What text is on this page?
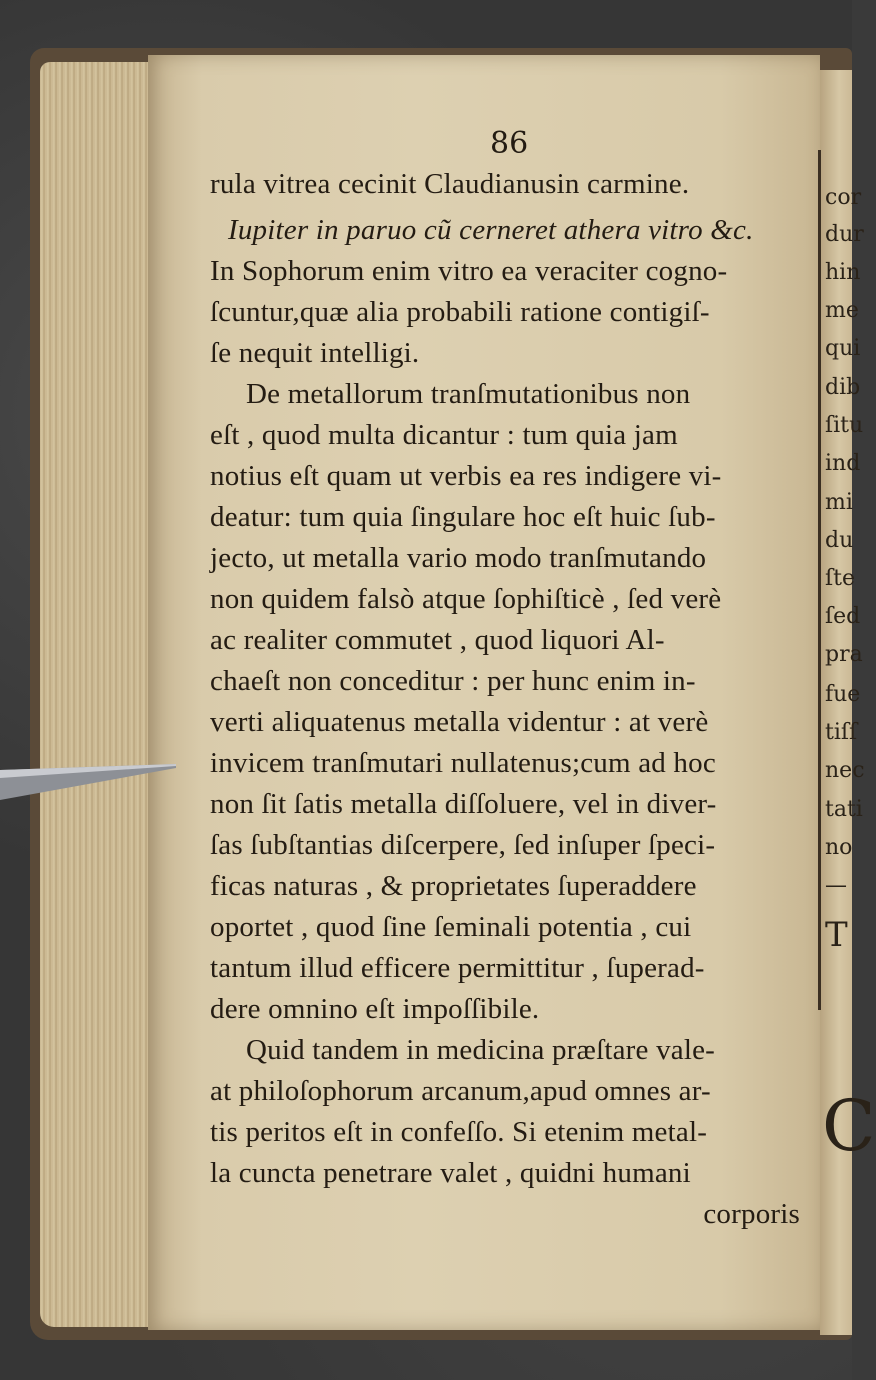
cor
dur
hin
me
qui
dib
ſitu
ind
mi
du
ſte
ſed
pra
fue
tiſſ
nec
tati
no
—
T
C
86
rula vitrea cecinit Claudianusin carmine.
Iupiter in paruo cũ cerneret athera vitro &c.
In Sophorum enim vitro ea veraciter cogno-
ſcuntur,quæ alia probabili ratione contigiſ-
ſe nequit intelligi.
De metallorum tranſmutationibus non
eſt , quod multa dicantur : tum quia jam
notius eſt quam ut verbis ea res indigere vi-
deatur: tum quia ſingulare hoc eſt huic ſub-
jecto, ut metalla vario modo tranſmutando
non quidem falsò atque ſophiſticè , ſed verè
ac realiter commutet , quod liquori Al-
chaeſt non conceditur : per hunc enim in-
verti aliquatenus metalla videntur : at verè
invicem tranſmutari nullatenus;cum ad hoc
non ſit ſatis metalla diſſoluere, vel in diver-
ſas ſubſtantias diſcerpere, ſed inſuper ſpeci-
ficas naturas , & proprietates ſuperaddere
oportet , quod ſine ſeminali potentia , cui
tantum illud efficere permittitur , ſuperad-
dere omnino eſt impoſſibile.
Quid tandem in medicina præſtare vale-
at philoſophorum arcanum,apud omnes ar-
tis peritos eſt in confeſſo. Si etenim metal-
la cuncta penetrare valet , quidni humani
corporis
